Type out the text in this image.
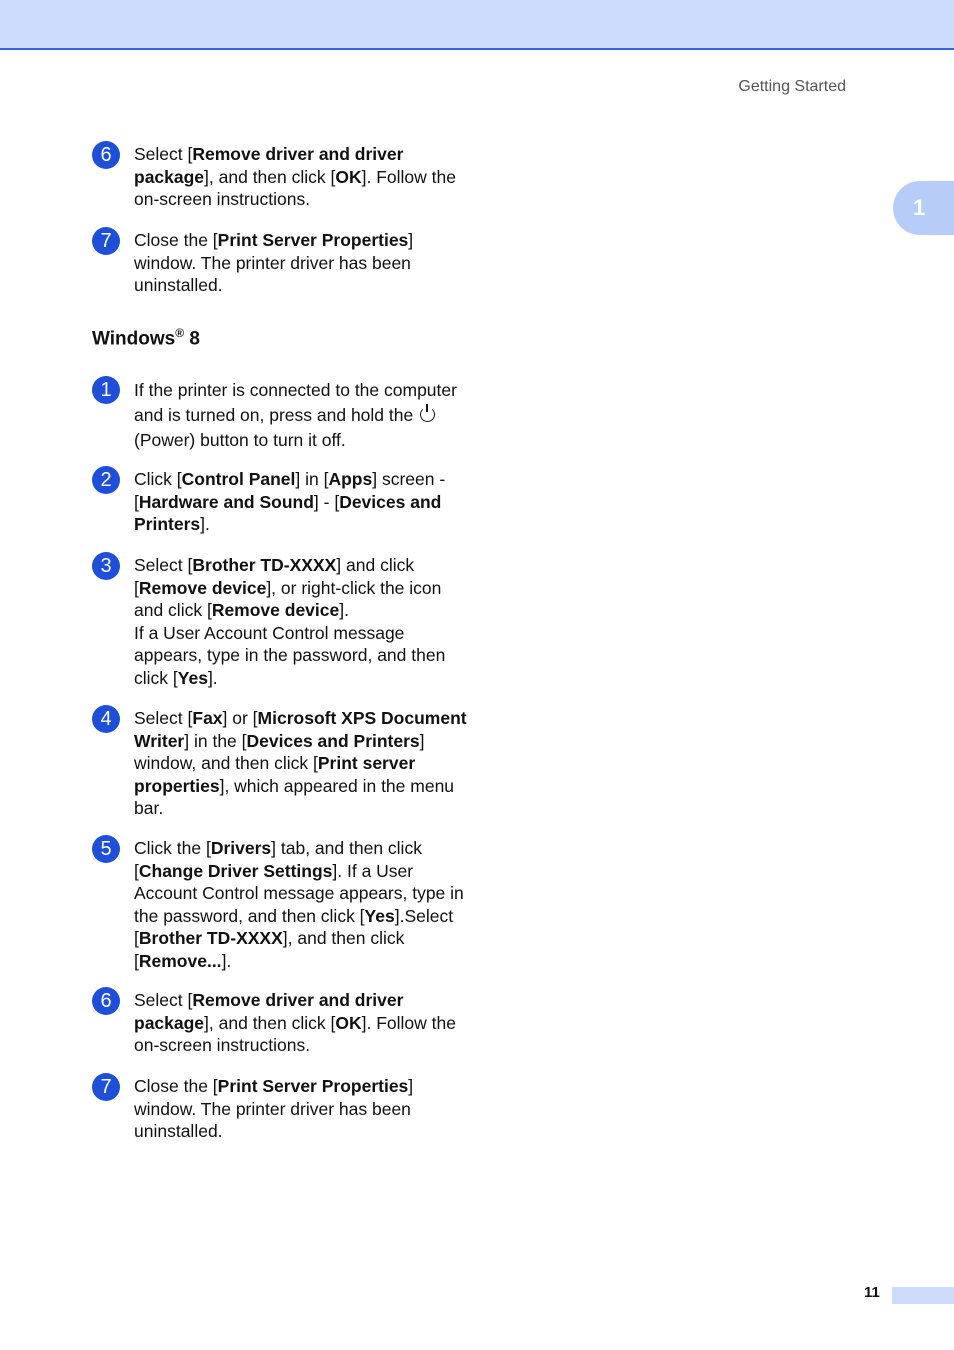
Getting Started
1
6	Select [Remove driver and driver package], and then click [OK]. Follow the on-screen instructions.
7	Close the [Print Server Properties] window. The printer driver has been uninstalled.
Windows® 8
1	If the printer is connected to the computer and is turned on, press and hold the  (Power) button to turn it off.
2	Click [Control Panel] in [Apps] screen - [Hardware and Sound] - [Devices and Printers].
3	Select [Brother TD-XXXX] and click [Remove device], or right-click the icon and click [Remove device].
If a User Account Control message appears, type in the password, and then click [Yes].
4	Select [Fax] or [Microsoft XPS Document Writer] in the [Devices and Printers] window, and then click [Print server properties], which appeared in the menu bar.
5	Click the [Drivers] tab, and then click [Change Driver Settings]. If a User Account Control message appears, type in the password, and then click [Yes].Select [Brother TD-XXXX], and then click [Remove...].
6	Select [Remove driver and driver package], and then click [OK]. Follow the on-screen instructions.
7	Close the [Print Server Properties] window. The printer driver has been uninstalled.
11
